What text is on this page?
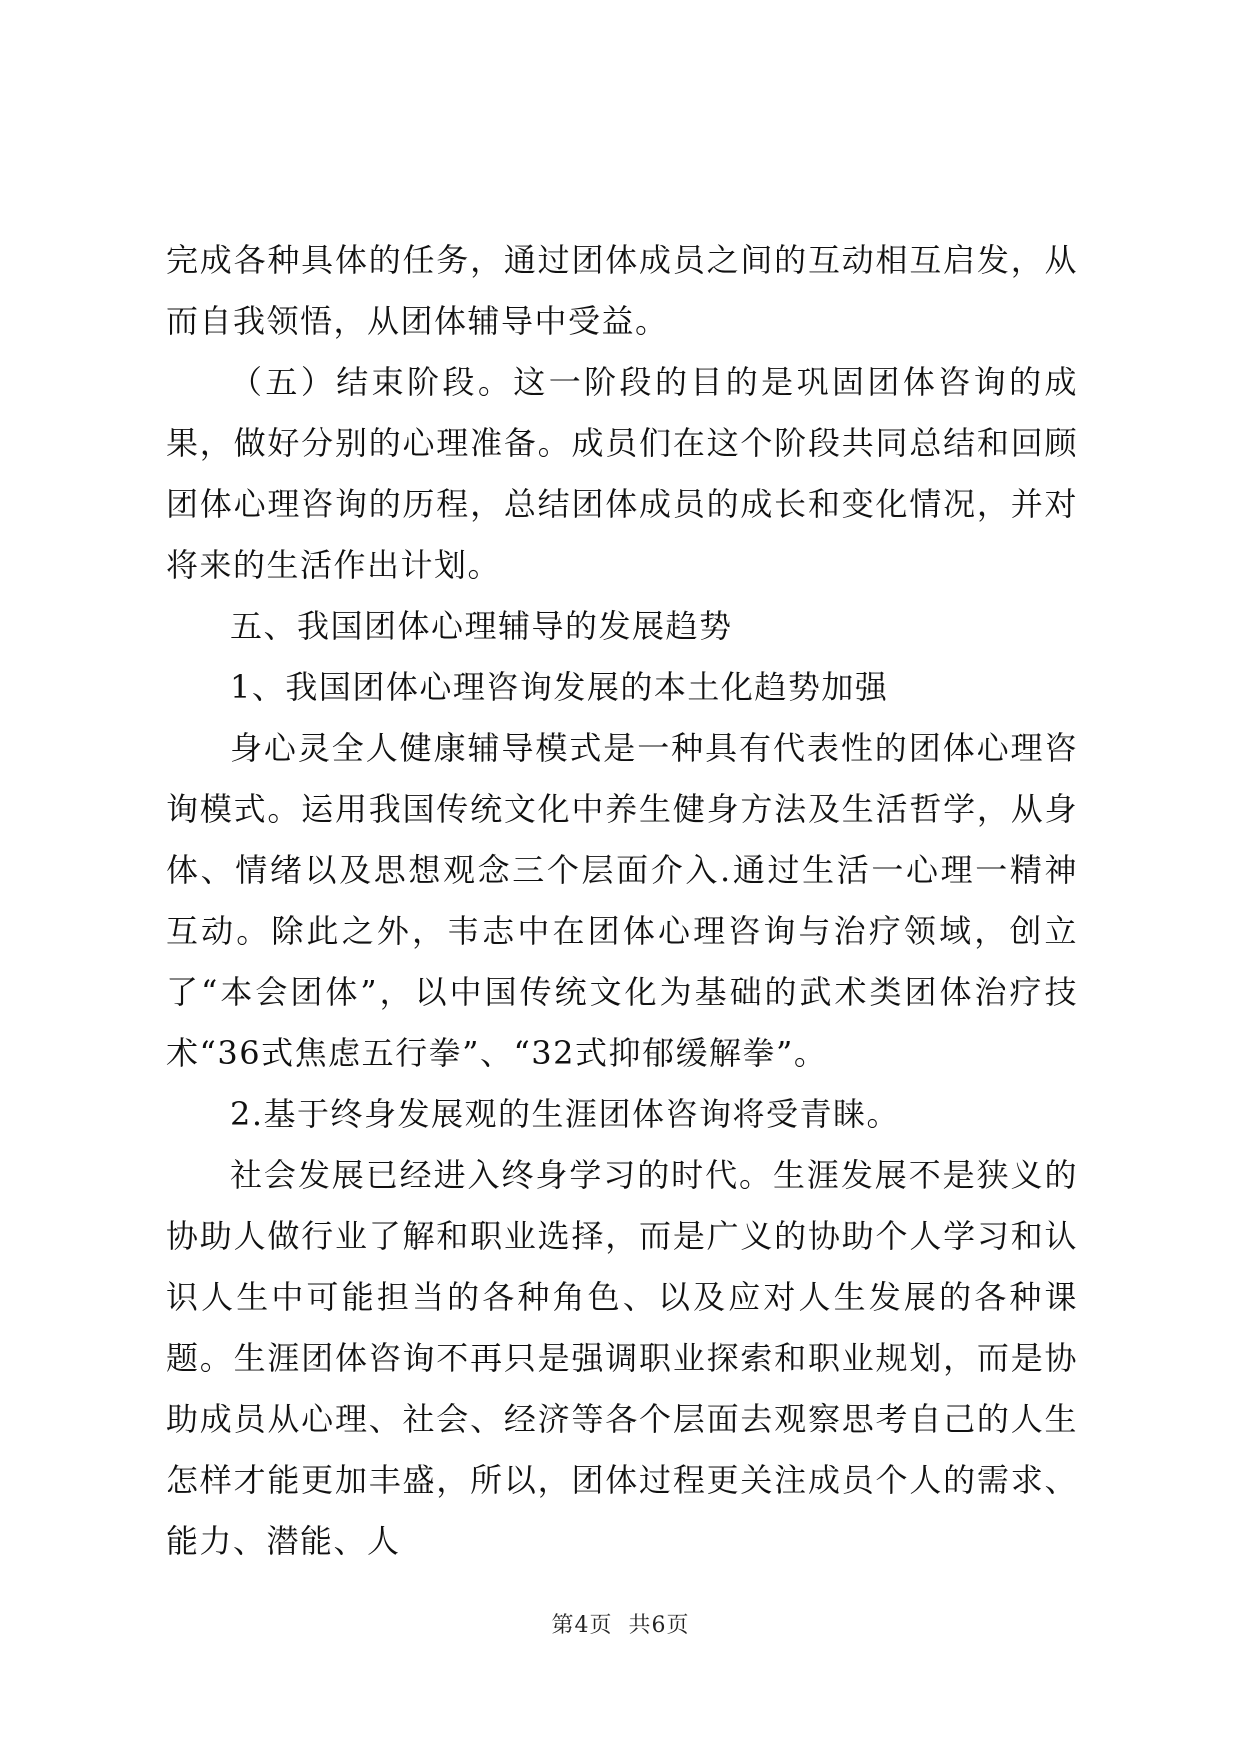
完成各种具体的任务，通过团体成员之间的互动相互启发，从而自我领悟，从团体辅导中受益。

（五）结束阶段。这一阶段的目的是巩固团体咨询的成果，做好分别的心理准备。成员们在这个阶段共同总结和回顾团体心理咨询的历程，总结团体成员的成长和变化情况，并对将来的生活作出计划。

五、我国团体心理辅导的发展趋势

1、我国团体心理咨询发展的本土化趋势加强

身心灵全人健康辅导模式是一种具有代表性的团体心理咨询模式。运用我国传统文化中养生健身方法及生活哲学，从身体、情绪以及思想观念三个层面介入.通过生活一心理一精神互动。除此之外，韦志中在团体心理咨询与治疗领域，创立了“本会团体”，以中国传统文化为基础的武术类团体治疗技术“36式焦虑五行拳”、“32式抑郁缓解拳”。

2.基于终身发展观的生涯团体咨询将受青睐。

社会发展已经进入终身学习的时代。生涯发展不是狭义的协助人做行业了解和职业选择，而是广义的协助个人学习和认识人生中可能担当的各种角色、以及应对人生发展的各种课题。生涯团体咨询不再只是强调职业探索和职业规划，而是协助成员从心理、社会、经济等各个层面去观察思考自己的人生怎样才能更加丰盛，所以，团体过程更关注成员个人的需求、能力、潜能、人

第4页 共6页
